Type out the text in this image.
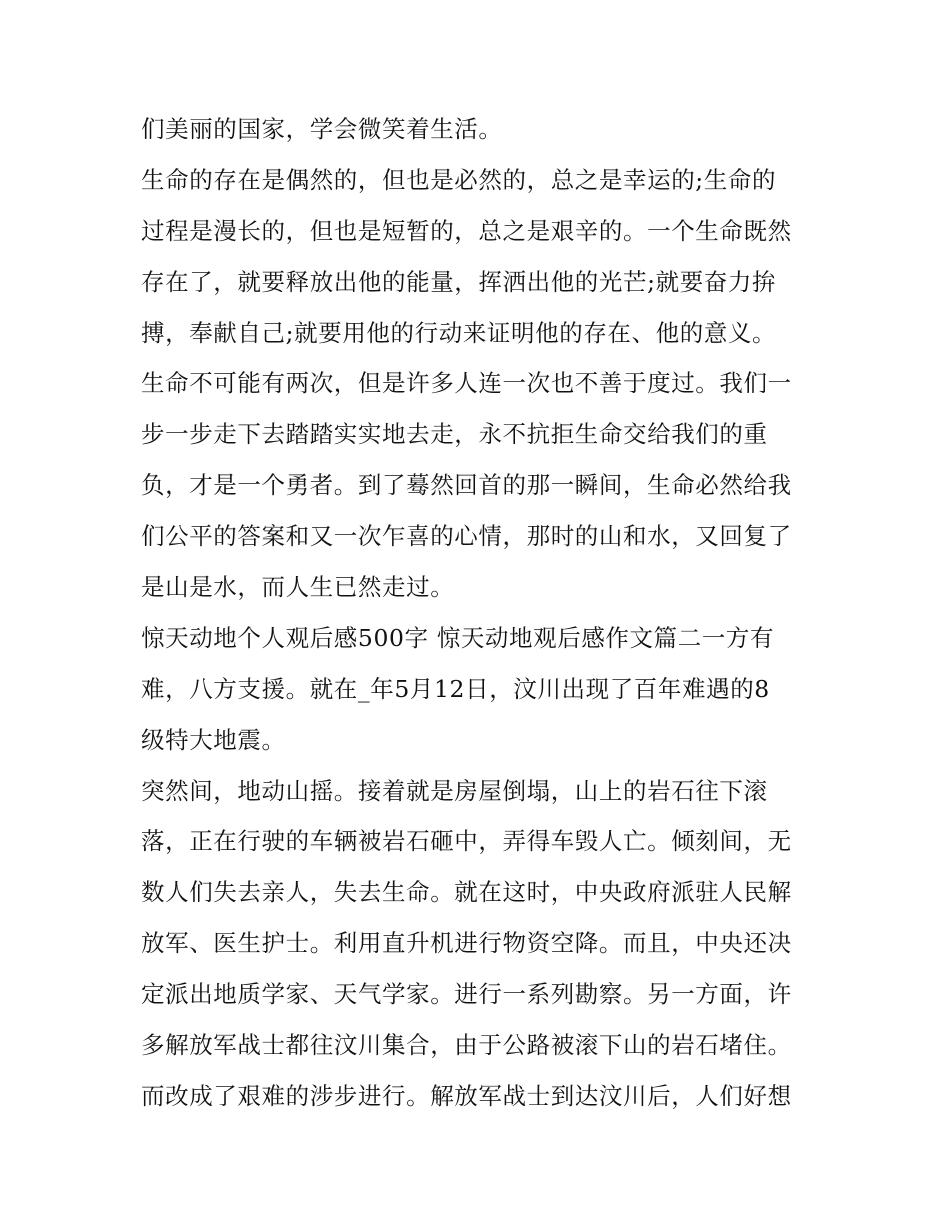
们美丽的国家，学会微笑着生活。
生命的存在是偶然的，但也是必然的，总之是幸运的;生命的
过程是漫长的，但也是短暂的，总之是艰辛的。一个生命既然
存在了，就要释放出他的能量，挥洒出他的光芒;就要奋力拚
搏，奉献自己;就要用他的行动来证明他的存在、他的意义。
生命不可能有两次，但是许多人连一次也不善于度过。我们一
步一步走下去踏踏实实地去走，永不抗拒生命交给我们的重
负，才是一个勇者。到了蓦然回首的那一瞬间，生命必然给我
们公平的答案和又一次乍喜的心情，那时的山和水，又回复了
是山是水，而人生已然走过。
惊天动地个人观后感500字 惊天动地观后感作文篇二一方有
难，八方支援。就在_年5月12日，汶川出现了百年难遇的8
级特大地震。
突然间，地动山摇。接着就是房屋倒塌，山上的岩石往下滚
落，正在行驶的车辆被岩石砸中，弄得车毁人亡。倾刻间，无
数人们失去亲人，失去生命。就在这时，中央政府派驻人民解
放军、医生护士。利用直升机进行物资空降。而且，中央还决
定派出地质学家、天气学家。进行一系列勘察。另一方面，许
多解放军战士都往汶川集合，由于公路被滚下山的岩石堵住。
而改成了艰难的涉步进行。解放军战士到达汶川后，人们好想
